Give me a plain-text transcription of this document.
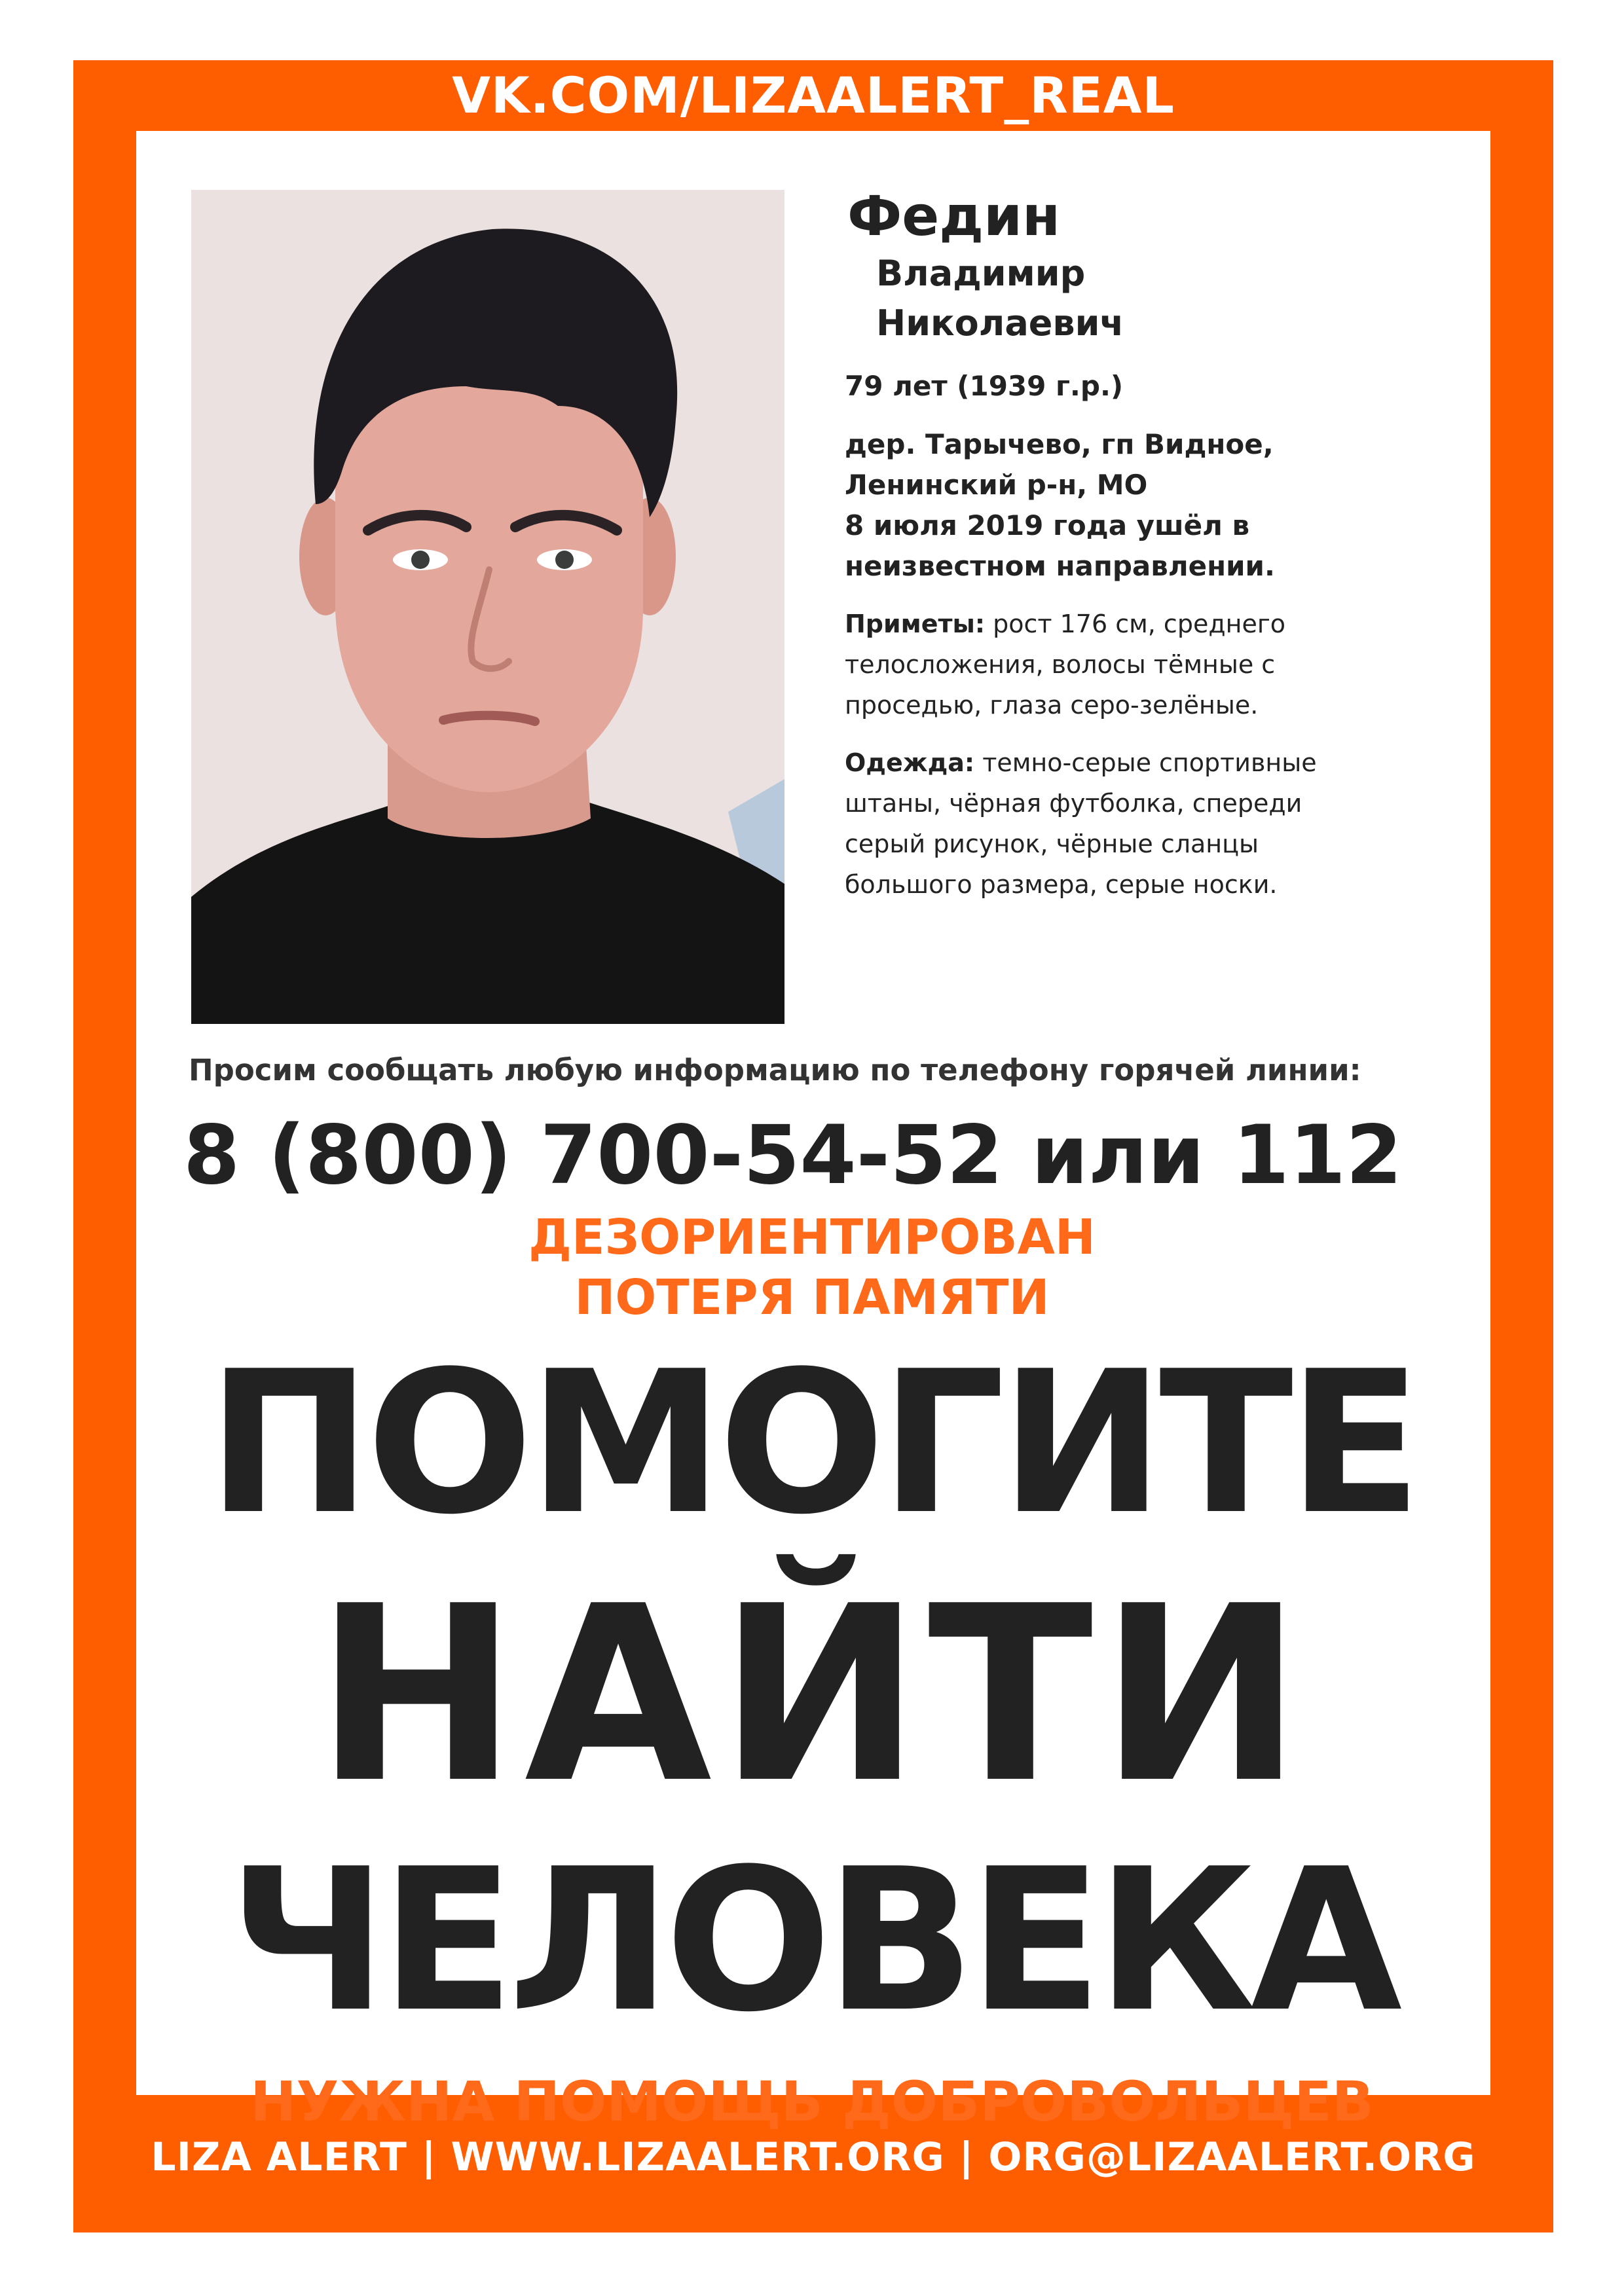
VK.COM/LIZAALERT_REAL
LIZA ALERT | WWW.LIZAALERT.ORG | ORG@LIZAALERT.ORG
Федин
Владимир
Николаевич
79 лет (1939 г.р.)
дер. Тарычево, гп Видное,
Ленинский р-н, МО
8 июля 2019 года ушёл в
неизвестном направлении.
Приметы: рост 176 см, среднего
телосложения, волосы тёмные с
проседью, глаза серо-зелёные.
Одежда: темно-серые спортивные
штаны, чёрная футболка, спереди
серый рисунок, чёрные сланцы
большого размера, серые носки.
Просим сообщать любую информацию по телефону горячей линии:
8 (800) 700-54-52 или 112
ДЕЗОРИЕНТИРОВАН
ПОТЕРЯ ПАМЯТИ
ПОМОГИТЕ
НАЙТИ
ЧЕЛОВЕКА
НУЖНА ПОМОЩЬ ДОБРОВОЛЬЦЕВ
